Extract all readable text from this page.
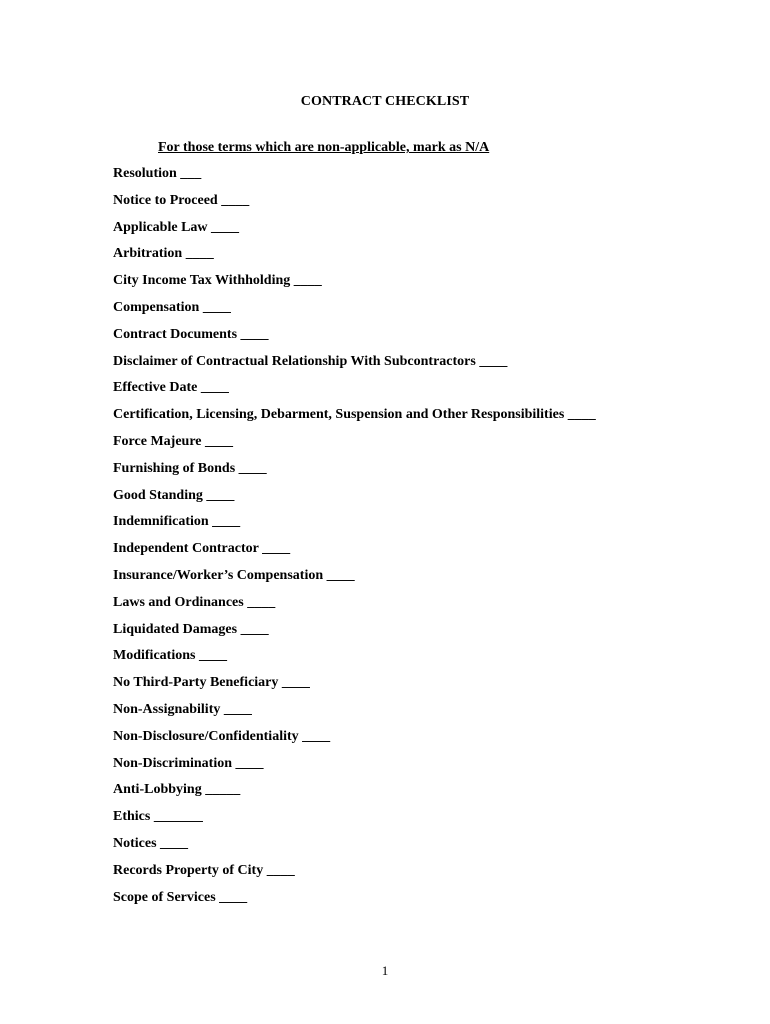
CONTRACT CHECKLIST
For those terms which are non-applicable, mark as N/A
Resolution ___
Notice to Proceed ____
Applicable Law ____
Arbitration ____
City Income Tax Withholding ____
Compensation ____
Contract Documents ____
Disclaimer of Contractual Relationship With Subcontractors ____
Effective Date ____
Certification, Licensing, Debarment, Suspension and Other Responsibilities ____
Force Majeure ____
Furnishing of Bonds ____
Good Standing ____
Indemnification ____
Independent Contractor ____
Insurance/Worker’s Compensation ____
Laws and Ordinances ____
Liquidated Damages ____
Modifications ____
No Third-Party Beneficiary ____
Non-Assignability ____
Non-Disclosure/Confidentiality ____
Non-Discrimination ____
Anti-Lobbying _____
Ethics _______
Notices ____
Records Property of City ____
Scope of Services ____
1
